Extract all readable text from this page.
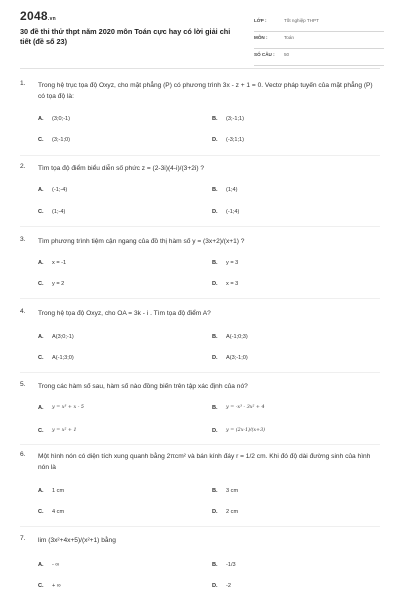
2048.vn
30 đề thi thử thpt năm 2020 môn Toán cực hay có lời giải chi tiết (đề số 23)
LỚP :	Tốt nghiệp THPT
MÔN :	Toán
SỐ CÂU : 50
1. Trong hệ trục tọa độ Oxyz, cho mặt phẳng (P) có phương trình 3x - z + 1 = 0. Vectơ pháp tuyến của mặt phẳng (P) có tọa độ là:
A. (3;0;-1)	B. (3;-1;1)
C. (3;-1;0)	D. (-3;1;1)
2. Tìm tọa độ điểm biểu diễn số phức z = (2-3i)(4-i)/(3+2i) ?
A. (-1;-4)	B. (1;4)
C. (1;-4)	D. (-1;4)
3. Tìm phương trình tiệm cận ngang của đồ thị hàm số y = (3x+2)/(x+1) ?
A. x = -1	B. y = 3
C. y = 2	D. x = 3
4. Trong hệ tọa độ Oxyz, cho OA = 3k - i . Tìm tọa độ điểm A?
A. A(3;0;-1)	B. A(-1;0;3)
C. A(-1;3;0)	D. A(3;-1;0)
5. Trong các hàm số sau, hàm số nào đồng biến trên tập xác định của nó?
A. y = x³ + x - 5	B. y = -x³ - 3x² + 4
C. y = x² + 1	D. y = (2x-1)/(x+3)
6. Một hình nón có diện tích xung quanh bằng 2πcm² và bán kính đáy r = 1/2 cm. Khi đó độ dài đường sinh của hình nón là
A. 1 cm	B. 3 cm
C. 4 cm	D. 2 cm
7. lim (3x²+4x+5)/(x²+1) bằng
A. - ∞	B. -1/3
C. + ∞	D. -2
